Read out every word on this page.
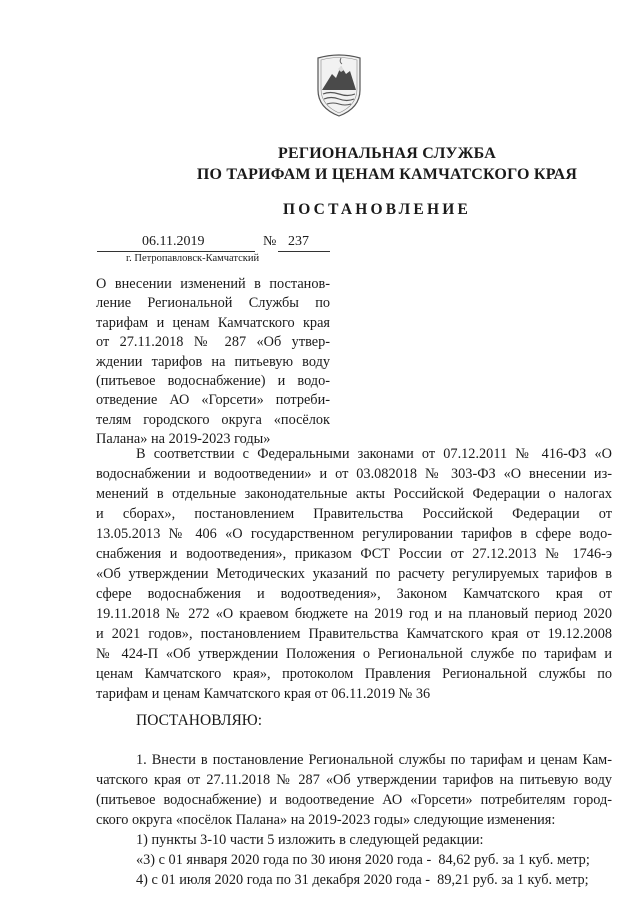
РЕГИОНАЛЬНАЯ СЛУЖБА
ПО ТАРИФАМ И ЦЕНАМ КАМЧАТСКОГО КРАЯ
ПОСТАНОВЛЕНИЕ
06.11.2019	№ 237
г. Петропавловск-Камчатский
О внесении изменений в постанов-
ление Региональной Службы по
тарифам и ценам Камчатского края
от 27.11.2018 № 287 «Об утвер-
ждении тарифов на питьевую воду
(питьевое водоснабжение) и водо-
отведение АО «Горсети» потреби-
телям городского округа «посёлок
Палана» на 2019-2023 годы»
В соответствии с Федеральными законами от 07.12.2011 № 416-ФЗ «О
водоснабжении и водоотведении» и от 03.082018 № 303-ФЗ «О внесении из-
менений в отдельные законодательные акты Российской Федерации о налогах
и сборах», постановлением Правительства Российской Федерации от
13.05.2013 № 406 «О государственном регулировании тарифов в сфере водо-
снабжения и водоотведения», приказом ФСТ России от 27.12.2013 № 1746-э
«Об утверждении Методических указаний по расчету регулируемых тарифов в
сфере водоснабжения и водоотведения», Законом Камчатского края от
19.11.2018 № 272 «О краевом бюджете на 2019 год и на плановый период 2020
и 2021 годов», постановлением Правительства Камчатского края от 19.12.2008
№ 424-П «Об утверждении Положения о Региональной службе по тарифам и
ценам Камчатского края», протоколом Правления Региональной службы по
тарифам и ценам Камчатского края от 06.11.2019 № 36
ПОСТАНОВЛЯЮ:
1. Внести в постановление Региональной службы по тарифам и ценам Кам-
чатского края от 27.11.2018 № 287 «Об утверждении тарифов на питьевую воду
(питьевое водоснабжение) и водоотведение АО «Горсети» потребителям город-
ского округа «посёлок Палана» на 2019-2023 годы» следующие изменения:
1) пункты 3-10 части 5 изложить в следующей редакции:
«3) с 01 января 2020 года по 30 июня 2020 года -  84,62 руб. за 1 куб. метр;
4) с 01 июля 2020 года по 31 декабря 2020 года -  89,21 руб. за 1 куб. метр;
